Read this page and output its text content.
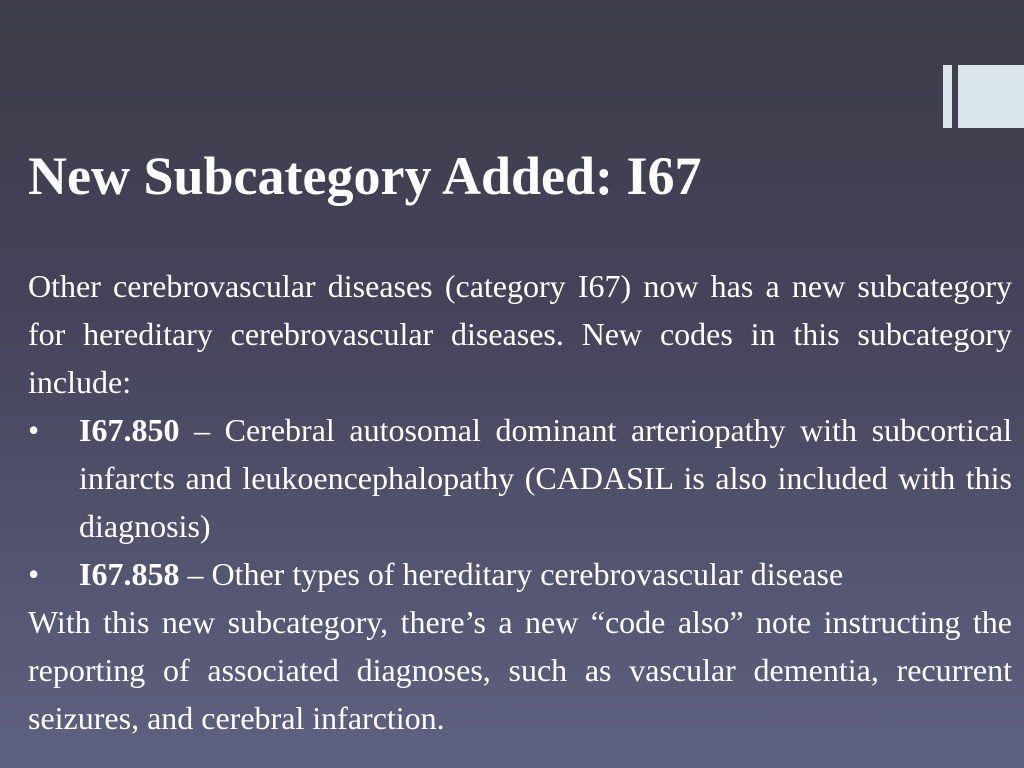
New Subcategory Added: I67

Other cerebrovascular diseases (category I67) now has a new subcategory for hereditary cerebrovascular diseases. New codes in this subcategory include:

• I67.850 – Cerebral autosomal dominant arteriopathy with subcortical infarcts and leukoencephalopathy (CADASIL is also included with this diagnosis)
• I67.858 – Other types of hereditary cerebrovascular disease

With this new subcategory, there’s a new “code also” note instructing the reporting of associated diagnoses, such as vascular dementia, recurrent seizures, and cerebral infarction.
